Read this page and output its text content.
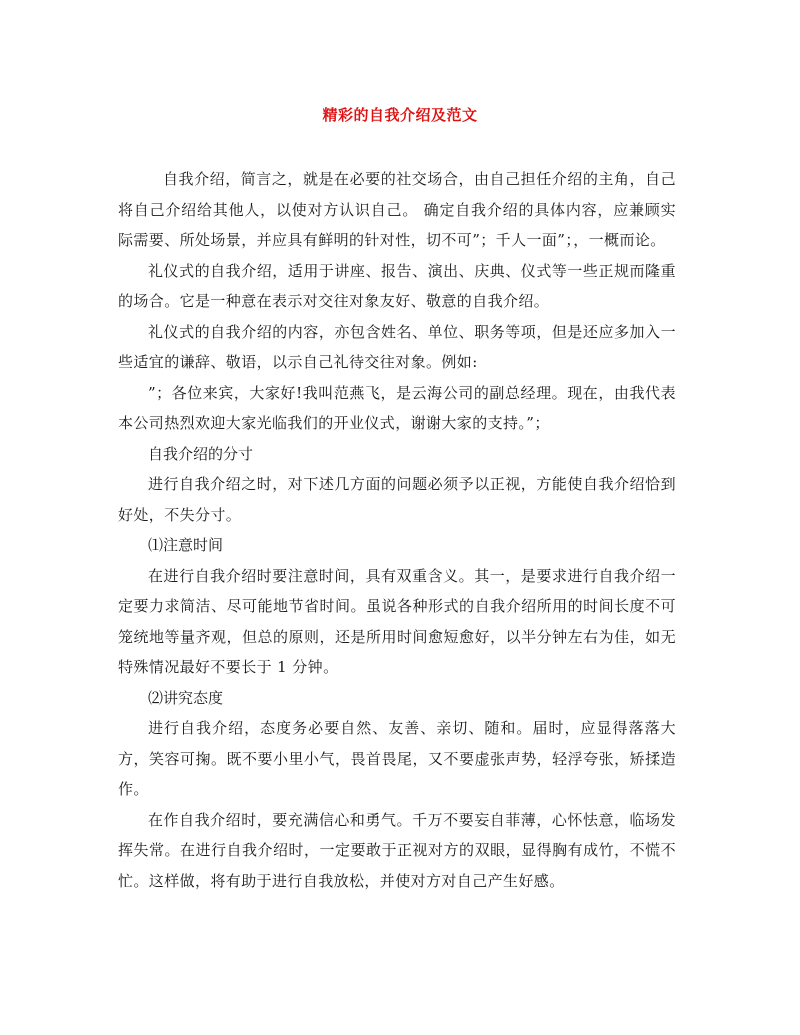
精彩的自我介绍及范文

自我介绍，简言之，就是在必要的社交场合，由自己担任介绍的主角，自己将自己介绍给其他人，以使对方认识自己。 确定自我介绍的具体内容，应兼顾实际需要、所处场景，并应具有鲜明的针对性，切不可”；千人一面”；，一概而论。

礼仪式的自我介绍，适用于讲座、报告、演出、庆典、仪式等一些正规而隆重的场合。它是一种意在表示对交往对象友好、敬意的自我介绍。

礼仪式的自我介绍的内容，亦包含姓名、单位、职务等项，但是还应多加入一些适宜的谦辞、敬语，以示自己礼待交往对象。例如:

”；各位来宾，大家好!我叫范燕飞，是云海公司的副总经理。现在，由我代表本公司热烈欢迎大家光临我们的开业仪式，谢谢大家的支持。”；

自我介绍的分寸

进行自我介绍之时，对下述几方面的问题必须予以正视，方能使自我介绍恰到好处，不失分寸。

⑴注意时间

在进行自我介绍时要注意时间，具有双重含义。其一，是要求进行自我介绍一定要力求简洁、尽可能地节省时间。虽说各种形式的自我介绍所用的时间长度不可笼统地等量齐观，但总的原则，还是所用时间愈短愈好，以半分钟左右为佳，如无特殊情况最好不要长于 1 分钟。

⑵讲究态度

进行自我介绍，态度务必要自然、友善、亲切、随和。届时，应显得落落大方，笑容可掬。既不要小里小气，畏首畏尾，又不要虚张声势，轻浮夸张，矫揉造作。

在作自我介绍时，要充满信心和勇气。千万不要妄自菲薄，心怀怯意，临场发挥失常。在进行自我介绍时，一定要敢于正视对方的双眼，显得胸有成竹，不慌不忙。这样做，将有助于进行自我放松，并使对方对自己产生好感。
